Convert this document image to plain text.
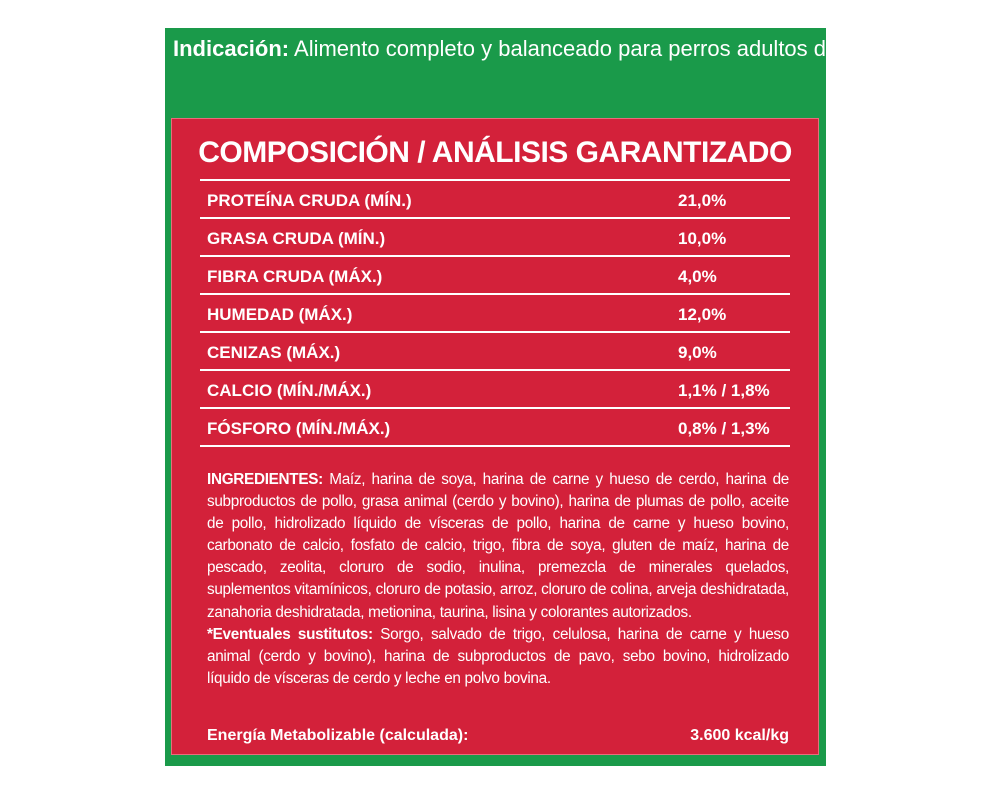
Indicación: Alimento completo y balanceado para perros adultos d
COMPOSICIÓN / ANÁLISIS GARANTIZADO
PROTEÍNA CRUDA (MÍN.)	21,0%
GRASA CRUDA (MÍN.)	10,0%
FIBRA CRUDA (MÁX.)	4,0%
HUMEDAD (MÁX.)	12,0%
CENIZAS (MÁX.)	9,0%
CALCIO (MÍN./MÁX.)	1,1% / 1,8%
FÓSFORO (MÍN./MÁX.)	0,8% / 1,3%
INGREDIENTES: Maíz, harina de soya, harina de carne y hueso de cerdo, harina de subproductos de pollo, grasa animal (cerdo y bovino), harina de plumas de pollo, aceite de pollo, hidrolizado líquido de vísceras de pollo, harina de carne y hueso bovino, carbonato de calcio, fosfato de calcio, trigo, fibra de soya, gluten de maíz, harina de pescado, zeolita, cloruro de sodio, inulina, premezcla de minerales quelados, suplementos vitamínicos, cloruro de potasio, arroz, cloruro de colina, arveja deshidratada, zanahoria deshidratada, metionina, taurina, lisina y colorantes autorizados.
*Eventuales sustitutos: Sorgo, salvado de trigo, celulosa, harina de carne y hueso animal (cerdo y bovino), harina de subproductos de pavo, sebo bovino, hidrolizado líquido de vísceras de cerdo y leche en polvo bovina.
Energía Metabolizable (calculada):	3.600 kcal/kg
